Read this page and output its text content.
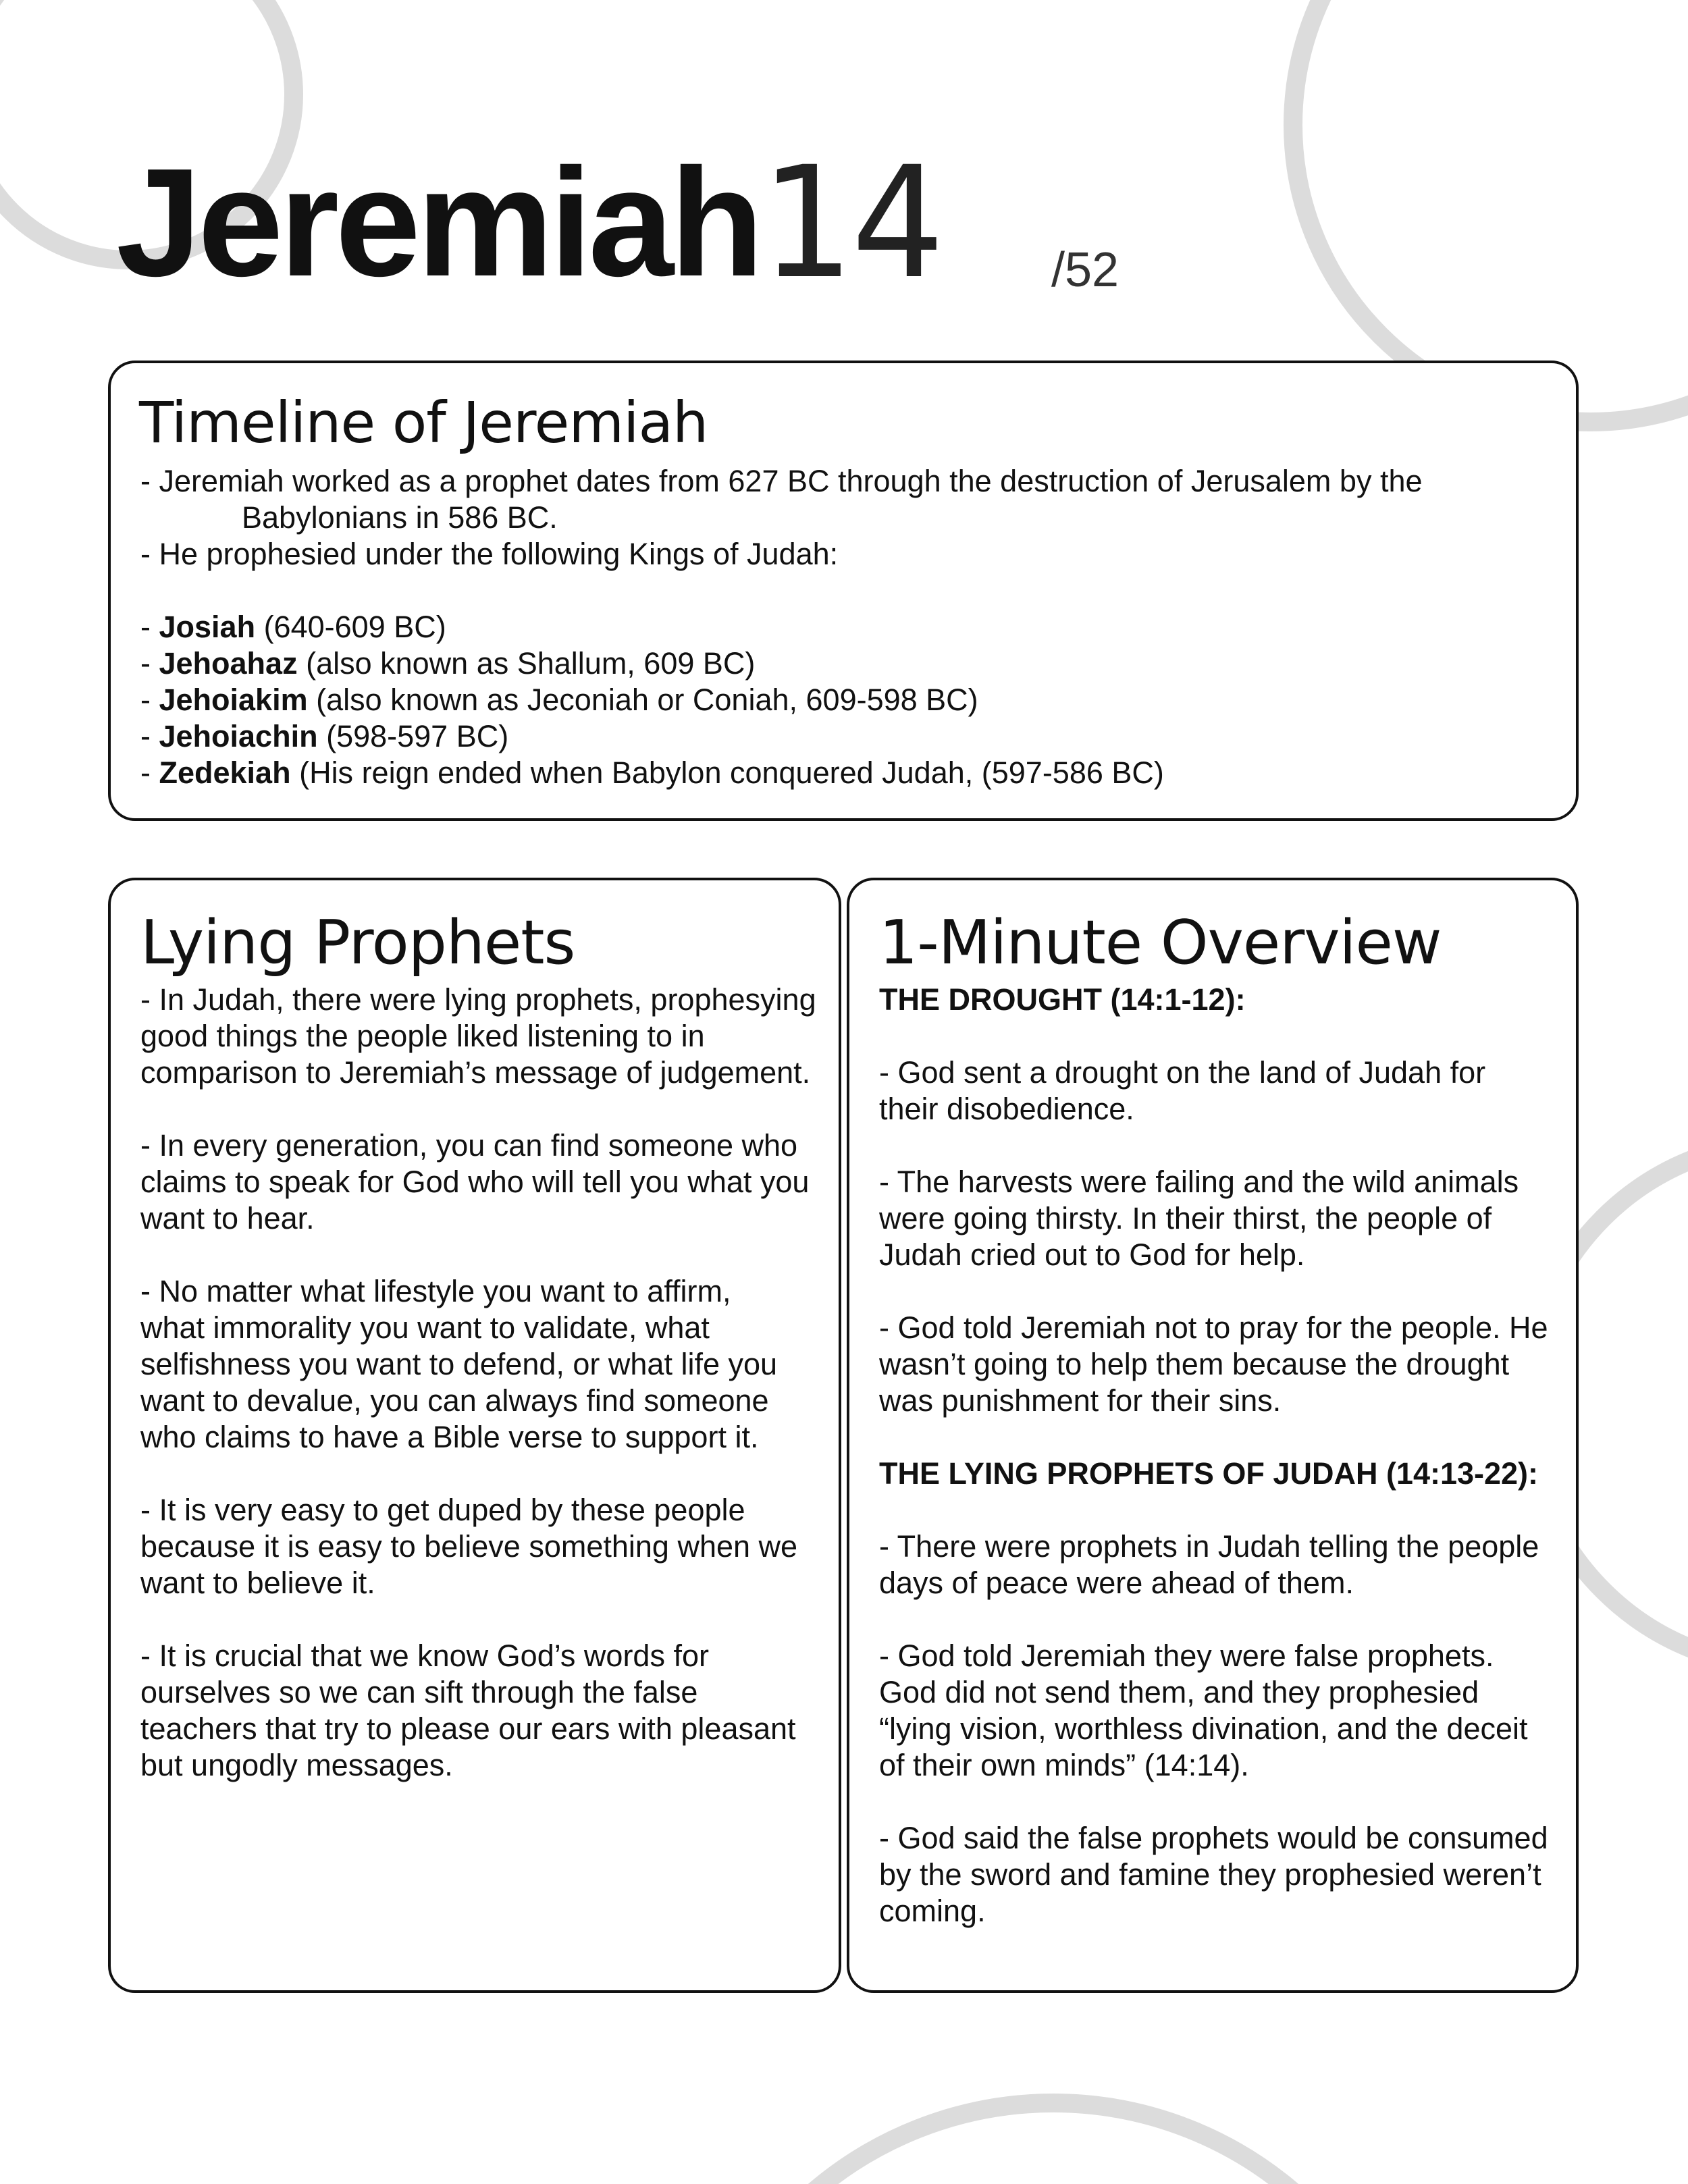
Jeremiah 14 /52
Timeline of Jeremiah

- Jeremiah worked as a prophet dates from 627 BC through the destruction of Jerusalem by the

Babylonians in 586 BC.

- He prophesied under the following Kings of Judah:

- Josiah (640-609 BC)

- Jehoahaz (also known as Shallum, 609 BC)

- Jehoiakim (also known as Jeconiah or Coniah, 609-598 BC)

- Jehoiachin (598-597 BC)

- Zedekiah (His reign ended when Babylon conquered Judah, (597-586 BC)

Lying Prophets

- In Judah, there were lying prophets, prophesying

good things the people liked listening to in

comparison to Jeremiah’s message of judgement.

- In every generation, you can find someone who

claims to speak for God who will tell you what you

want to hear.

- No matter what lifestyle you want to affirm,

what immorality you want to validate, what

selfishness you want to defend, or what life you

want to devalue, you can always find someone

who claims to have a Bible verse to support it.

- It is very easy to get duped by these people

because it is easy to believe something when we

want to believe it.

- It is crucial that we know God’s words for

ourselves so we can sift through the false

teachers that try to please our ears with pleasant

but ungodly messages.

1-Minute Overview

THE DROUGHT (14:1-12):

- God sent a drought on the land of Judah for

their disobedience.

- The harvests were failing and the wild animals

were going thirsty. In their thirst, the people of

Judah cried out to God for help.

- God told Jeremiah not to pray for the people. He

wasn’t going to help them because the drought

was punishment for their sins.

THE LYING PROPHETS OF JUDAH (14:13-22):

- There were prophets in Judah telling the people

days of peace were ahead of them.

- God told Jeremiah they were false prophets.

God did not send them, and they prophesied

“lying vision, worthless divination, and the deceit

of their own minds” (14:14).

- God said the false prophets would be consumed

by the sword and famine they prophesied weren’t

coming.
